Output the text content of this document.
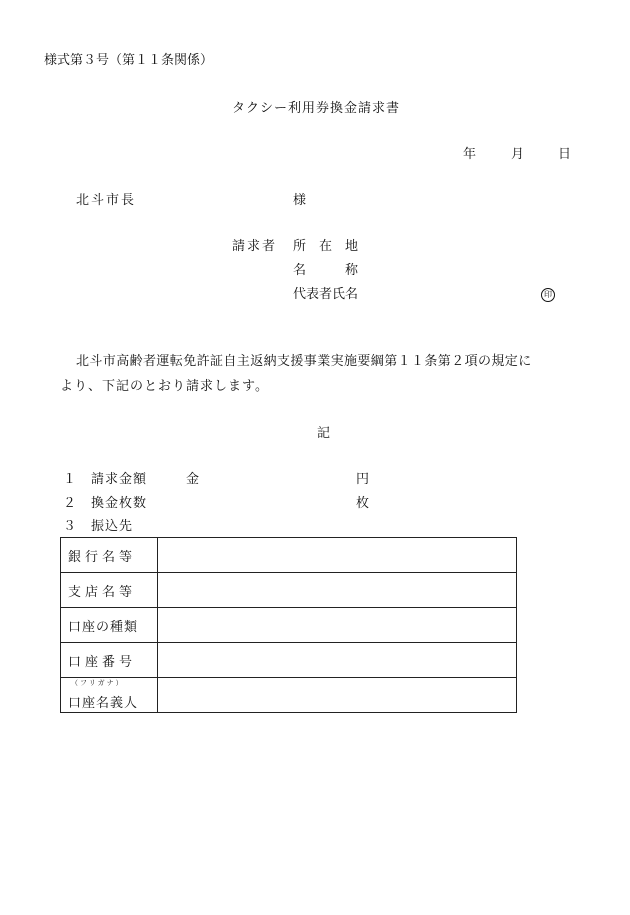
様式第３号（第１１条関係）
タクシー利用券換金請求書
年	月	日
北斗市長	様
請求者 所　在　地
名　　　称
代表者氏名	印
北斗市高齢者運転免許証自主返納支援事業実施要綱第１１条第２項の規定に
より、下記のとおり請求します。
記
１ 請求金額	金	円
２ 換金枚数	枚
３ 振込先
銀行名等	
支店名等	
口座の種類	
口座番号	

（フリガナ）
口座名義人	
